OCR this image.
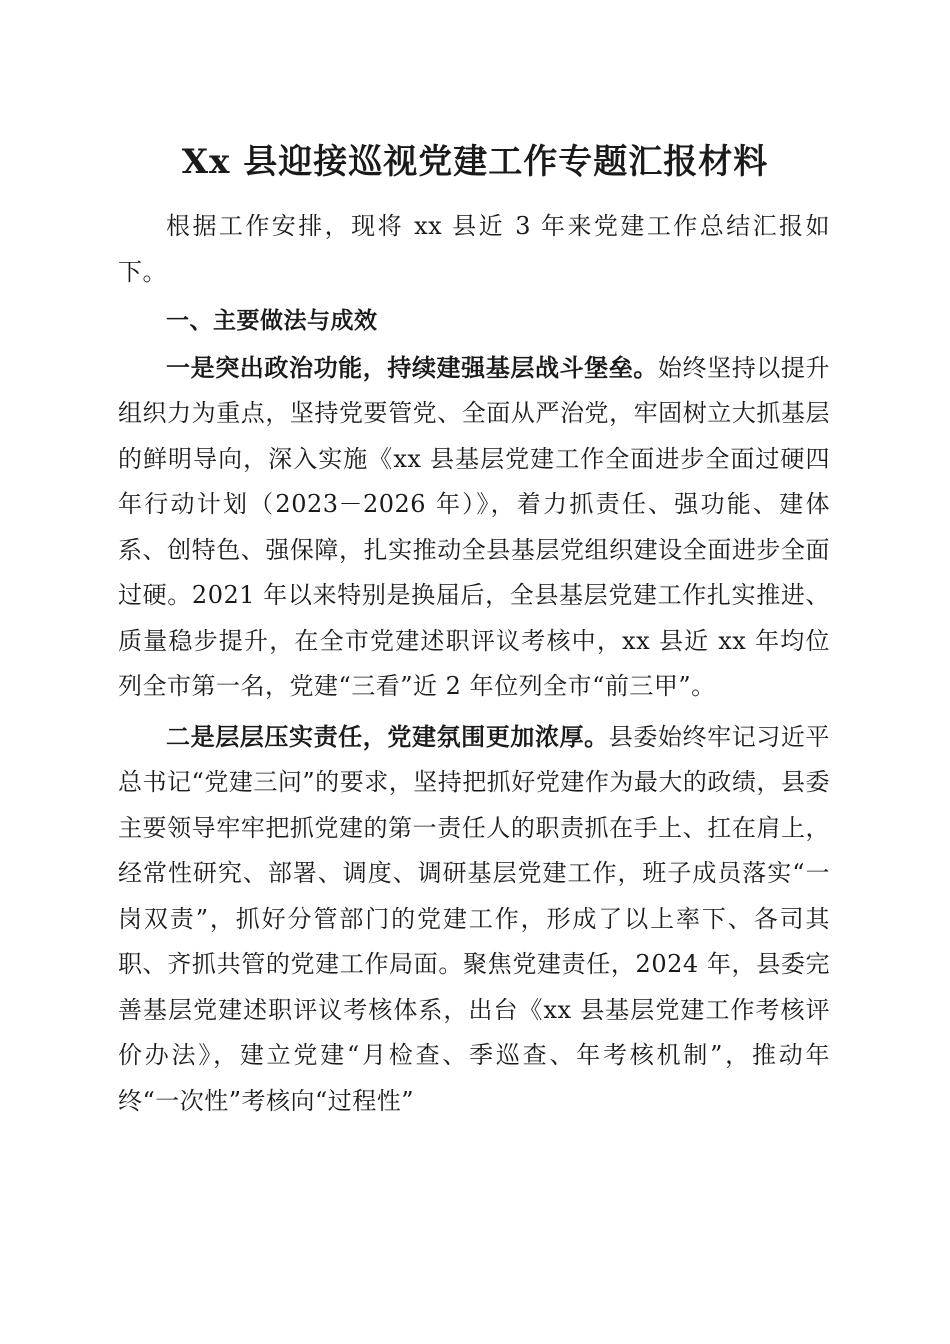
Xx 县迎接巡视党建工作专题汇报材料

根据工作安排，现将 xx 县近 3 年来党建工作总结汇报如下。

一、主要做法与成效

一是突出政治功能，持续建强基层战斗堡垒。始终坚持以提升组织力为重点，坚持党要管党、全面从严治党，牢固树立大抓基层的鲜明导向，深入实施《xx 县基层党建工作全面进步全面过硬四年行动计划（2023－2026 年）》，着力抓责任、强功能、建体系、创特色、强保障，扎实推动全县基层党组织建设全面进步全面过硬。2021 年以来特别是换届后，全县基层党建工作扎实推进、质量稳步提升，在全市党建述职评议考核中，xx 县近 xx 年均位列全市第一名，党建“三看”近 2 年位列全市“前三甲”。

二是层层压实责任，党建氛围更加浓厚。县委始终牢记习近平总书记“党建三问”的要求，坚持把抓好党建作为最大的政绩，县委主要领导牢牢把抓党建的第一责任人的职责抓在手上、扛在肩上，经常性研究、部署、调度、调研基层党建工作，班子成员落实“一岗双责”，抓好分管部门的党建工作，形成了以上率下、各司其职、齐抓共管的党建工作局面。聚焦党建责任，2024 年，县委完善基层党建述职评议考核体系，出台《xx 县基层党建工作考核评价办法》，建立党建“月检查、季巡查、年考核机制”，推动年终“一次性”考核向“过程性”
